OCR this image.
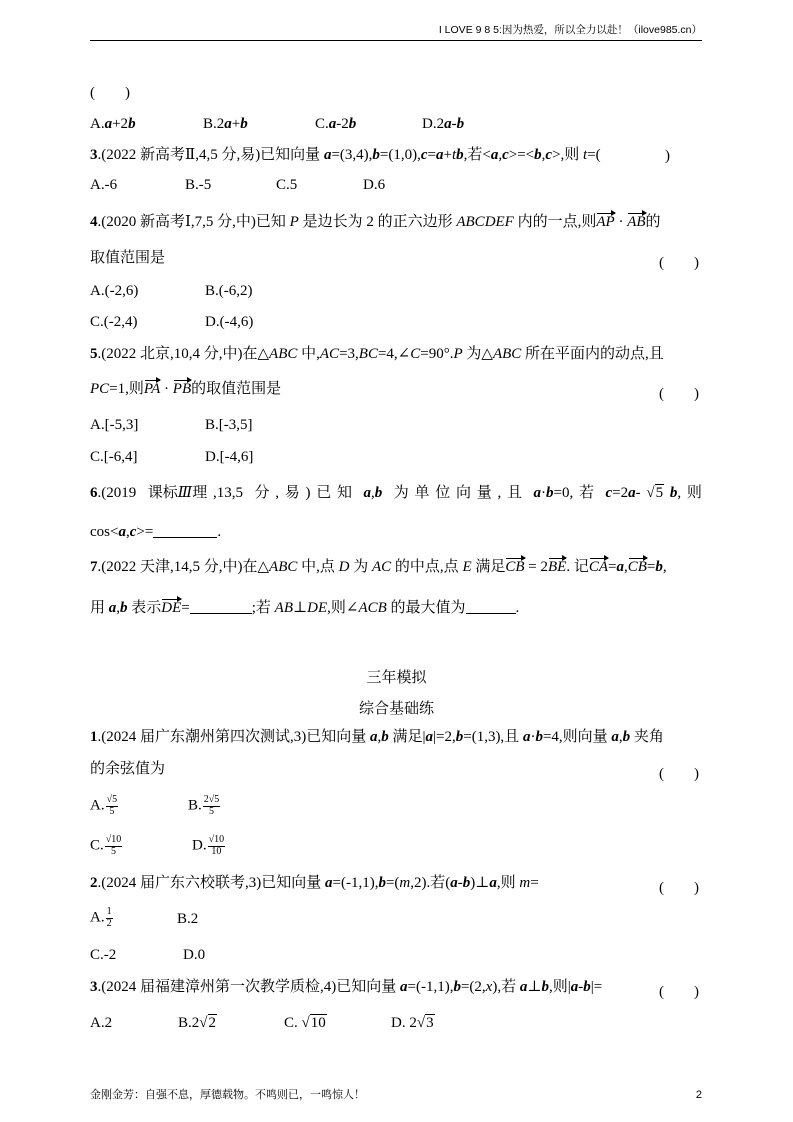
I LOVE 9 8 5:因为热爱，所以全力以赴！（ilove985.cn）
(　　)
A.a+2b	B.2a+b	C.a-2b	D.2a-b
3.(2022 新高考Ⅱ,4,5 分,易)已知向量 a=(3,4),b=(1,0),c=a+tb,若<a,c>=<b,c>,则 t=(	)
A.-6	B.-5	C.5	D.6
4.(2020 新高考Ⅰ,7,5 分,中)已知 P 是边长为 2 的正六边形 ABCDEF 内的一点,则AP · AB的
取值范围是	(　　)
A.(-2,6)	B.(-6,2)
C.(-2,4)	D.(-4,6)
5.(2022 北京,10,4 分,中)在△ABC 中,AC=3,BC=4,∠C=90°.P 为△ABC 所在平面内的动点,且
PC=1,则PA · PB的取值范围是	(　　)
A.[-5,3]	B.[-3,5]
C.[-6,4]	D.[-4,6]
6.(2019  课标Ⅲ理 ,13,5  分 , 易 ) 已 知  a,b  为 单 位 向 量 , 且  a·b=0, 若  c=2a- √5 b, 则
cos<a,c>=	.
7.(2022 天津,14,5 分,中)在△ABC 中,点 D 为 AC 的中点,点 E 满足CB = 2BE. 记CA=a,CB=b,
用 a,b 表示DE=	;若 AB⊥DE,则∠ACB 的最大值为	.
三年模拟
综合基础练
1.(2024 届广东潮州第四次测试,3)已知向量 a,b 满足|a|=2,b=(1,3),且 a·b=4,则向量 a,b 夹角
的余弦值为	(　　)
A. $\frac{√5}{5}$	B. $\frac{2√5}{5}$
C. $\frac{√10}{5}$	D. $\frac{√10}{10}$
2.(2024 届广东六校联考,3)已知向量 a=(-1,1),b=(m,2).若(a-b)⊥a,则 m=	(　　)
A. $\frac{1}{2}$	B.2
C.-2	D.0
3.(2024 届福建漳州第一次教学质检,4)已知向量 a=(-1,1),b=(2,x),若 a⊥b,则|a-b|=	(　　)
A.2	B.2√2	C. √10	D. 2√3
金刚金芳：自强不息，厚德载物。不鸣则已，一鸣惊人！	2
